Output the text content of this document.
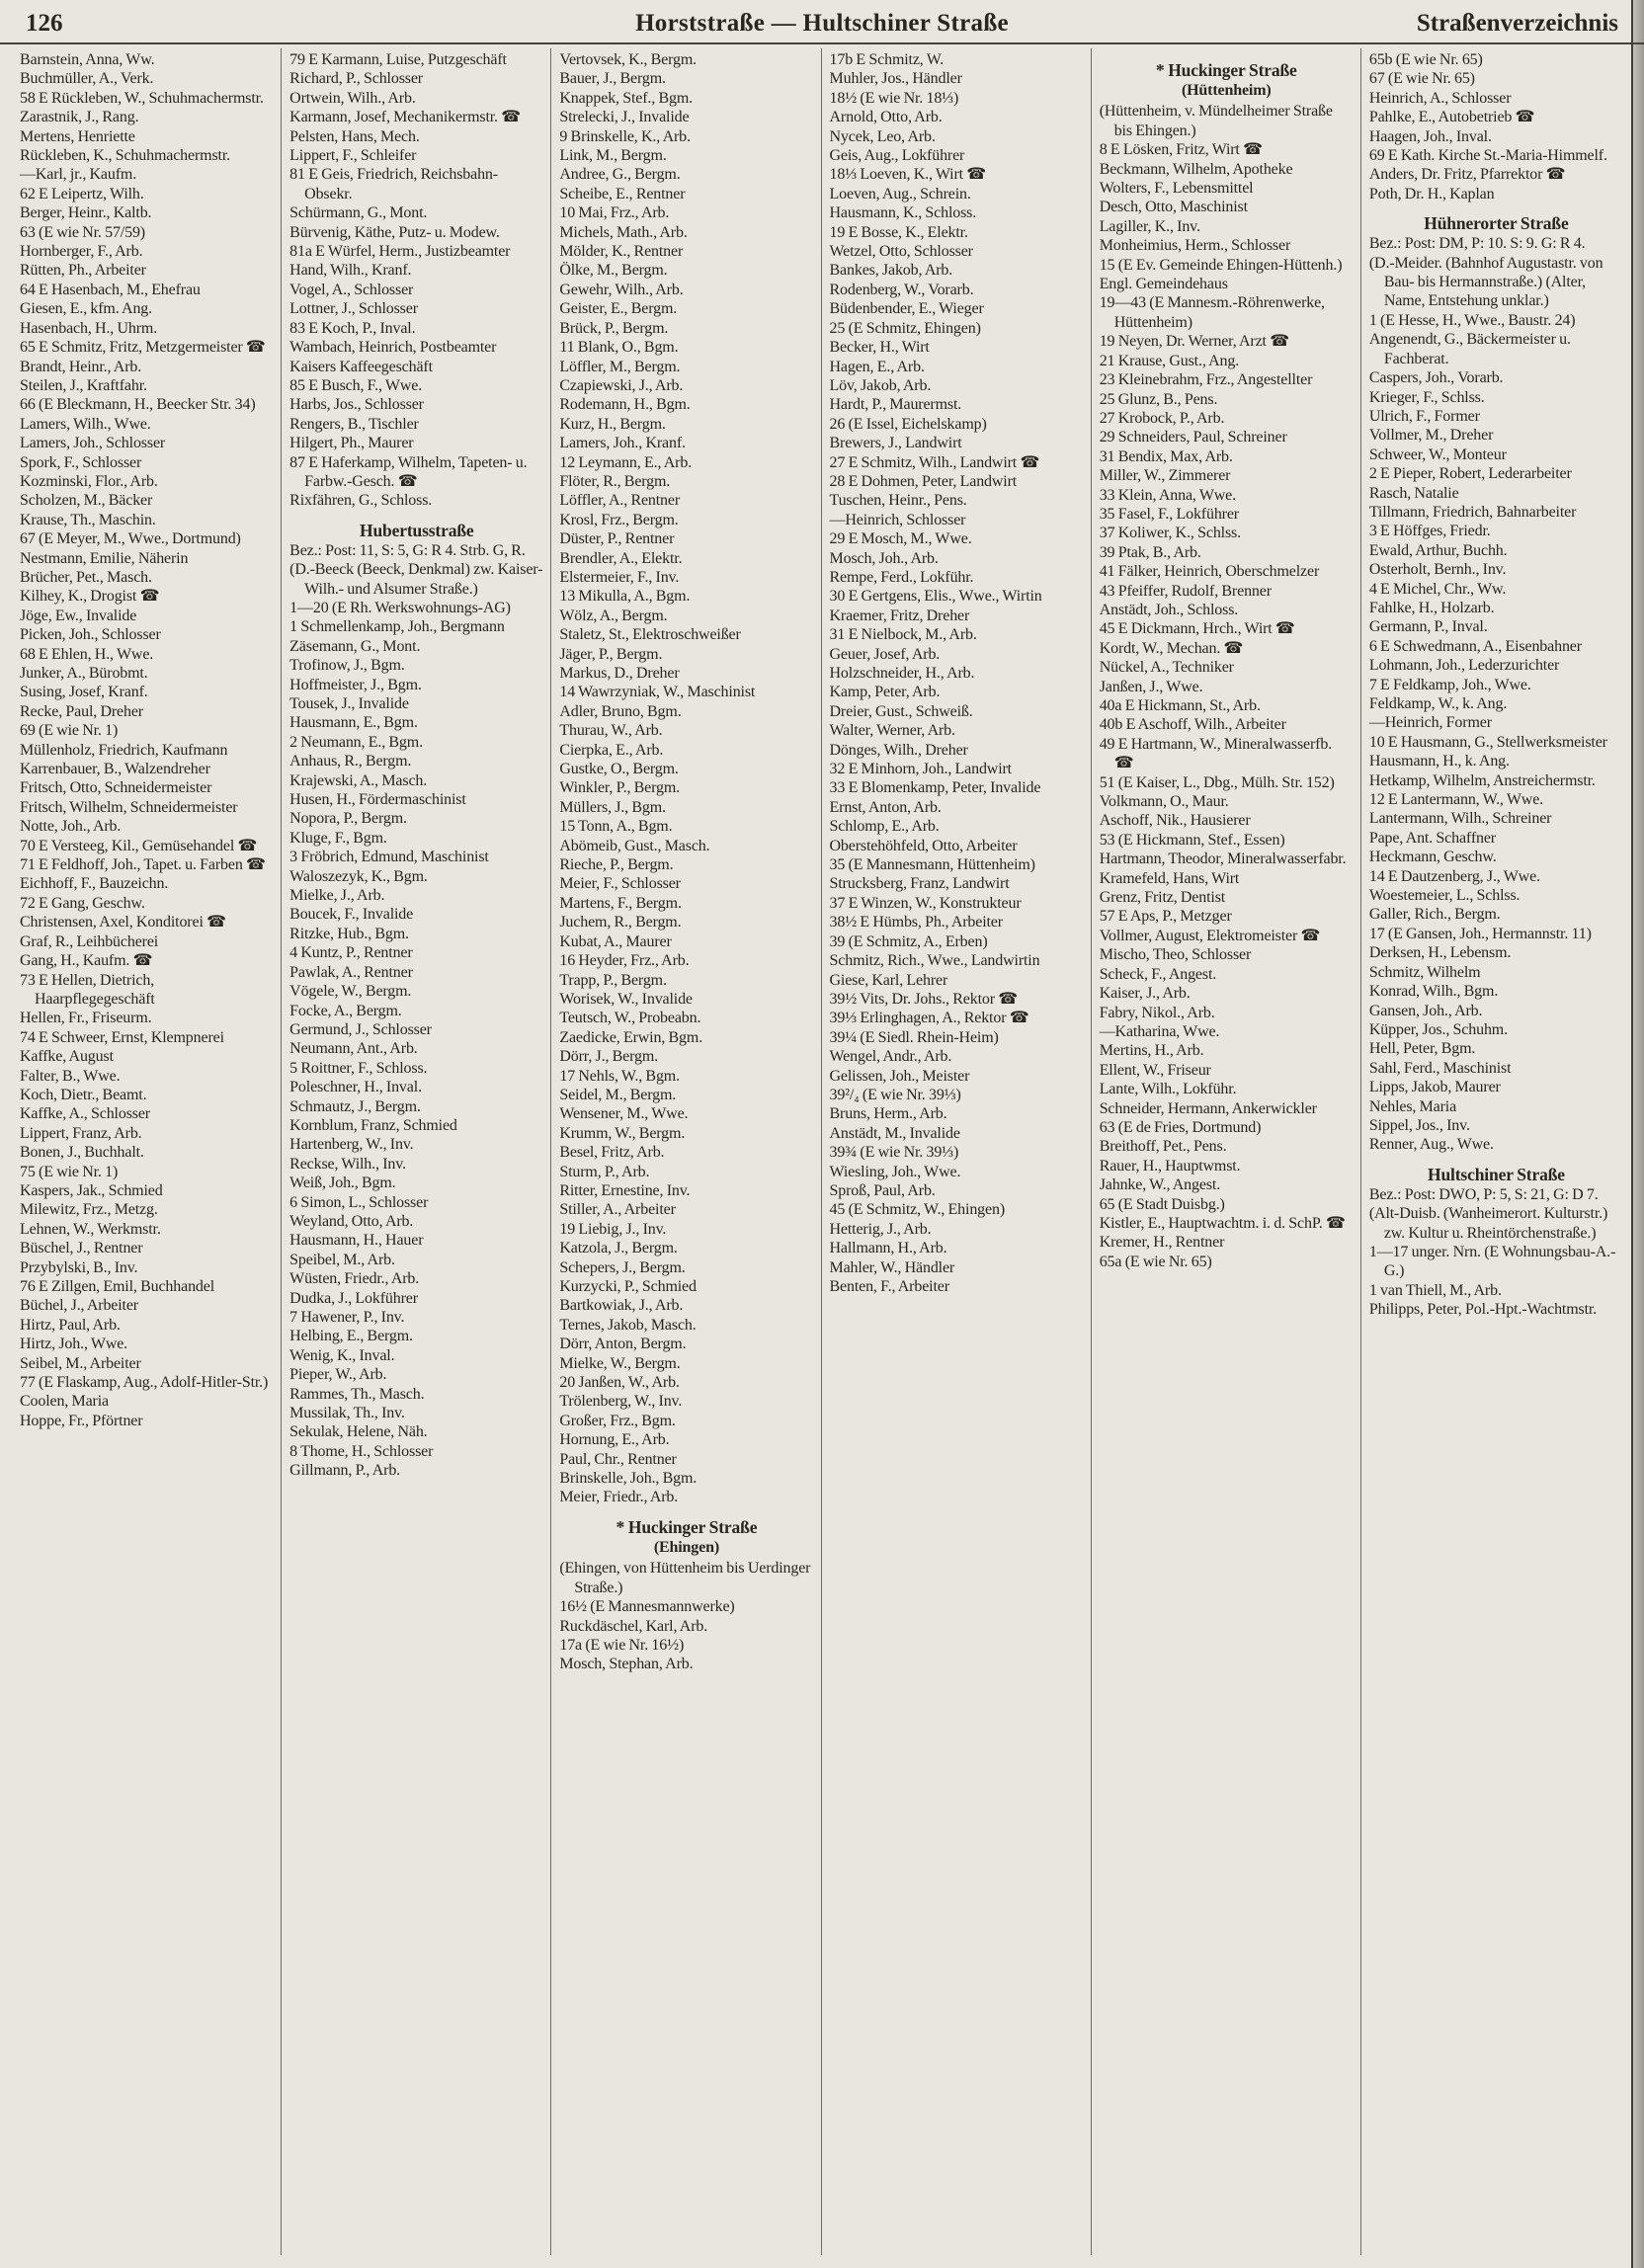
126	Horststraße — Hultschiner Straße	Straßenverzeichnis
Barnstein, Anna, Ww.
Buchmüller, A., Verk.
58 E Rückleben, W., Schuhmachermstr.
Zarastnik, J., Rang.
Mertens, Henriette
Rückleben, K., Schuhmachermstr.
—Karl, jr., Kaufm.
62 E Leipertz, Wilh.
Berger, Heinr., Kaltb.
63 (E wie Nr. 57/59)
Hornberger, F., Arb.
Rütten, Ph., Arbeiter
64 E Hasenbach, M., Ehefrau
Giesen, E., kfm. Ang.
Hasenbach, H., Uhrm.
65 E Schmitz, Fritz, Metzgermeister ☎
Brandt, Heinr., Arb.
Steilen, J., Kraftfahr.
66 (E Bleckmann, H., Beecker Str. 34)
Lamers, Wilh., Wwe.
Lamers, Joh., Schlosser
Spork, F., Schlosser
Kozminski, Flor., Arb.
Scholzen, M., Bäcker
Krause, Th., Maschin.
67 (E Meyer, M., Wwe., Dortmund)
Nestmann, Emilie, Näherin
Brücher, Pet., Masch.
Kilhey, K., Drogist ☎
Jöge, Ew., Invalide
Picken, Joh., Schlosser
68 E Ehlen, H., Wwe.
Junker, A., Bürobmt.
Susing, Josef, Kranf.
Recke, Paul, Dreher
69 (E wie Nr. 1)
Müllenholz, Friedrich, Kaufmann
Karrenbauer, B., Walzendreher
Fritsch, Otto, Schneidermeister
Fritsch, Wilhelm, Schneidermeister
Notte, Joh., Arb.
70 E Versteeg, Kil., Gemüsehandel ☎
71 E Feldhoff, Joh., Tapet. u. Farben ☎
Eichhoff, F., Bauzeichn.
72 E Gang, Geschw.
Christensen, Axel, Konditorei ☎
Graf, R., Leihbücherei
Gang, H., Kaufm. ☎
73 E Hellen, Dietrich, Haarpflegegeschäft
Hellen, Fr., Friseurm.
74 E Schweer, Ernst, Klempnerei
Kaffke, August
Falter, B., Wwe.
Koch, Dietr., Beamt.
Kaffke, A., Schlosser
Lippert, Franz, Arb.
Bonen, J., Buchhalt.
75 (E wie Nr. 1)
Kaspers, Jak., Schmied
Milewitz, Frz., Metzg.
Lehnen, W., Werkmstr.
Büschel, J., Rentner
Przybylski, B., Inv.
76 E Zillgen, Emil, Buchhandel
Büchel, J., Arbeiter
Hirtz, Paul, Arb.
Hirtz, Joh., Wwe.
Seibel, M., Arbeiter
77 (E Flaskamp, Aug., Adolf-Hitler-Str.)
Coolen, Maria
Hoppe, Fr., Pförtner
79 E Karmann, Luise, Putzgeschäft
Richard, P., Schlosser
Ortwein, Wilh., Arb.
Karmann, Josef, Mechanikermstr. ☎
Pelsten, Hans, Mech.
Lippert, F., Schleifer
81 E Geis, Friedrich, Reichsbahn-Obsekr.
Schürmann, G., Mont.
Bürvenig, Käthe, Putz- u. Modew.
81a E Würfel, Herm., Justizbeamter
Hand, Wilh., Kranf.
Vogel, A., Schlosser
Lottner, J., Schlosser
83 E Koch, P., Inval.
Wambach, Heinrich, Postbeamter
Kaisers Kaffeegeschäft
85 E Busch, F., Wwe.
Harbs, Jos., Schlosser
Rengers, B., Tischler
Hilgert, Ph., Maurer
87 E Haferkamp, Wilhelm, Tapeten- u. Farbw.-Gesch. ☎
Rixfähren, G., Schloss.
Hubertusstraße
Bez.: Post: 11, S: 5, G: R 4. Strb. G, R.
(D.-Beeck (Beeck, Denkmal) zw. Kaiser-Wilh.- und Alsumer Straße.)
1—20 (E Rh. Werkswohnungs-AG)
1 Schmellenkamp, Joh., Bergmann
Zäsemann, G., Mont.
Trofinow, J., Bgm.
Hoffmeister, J., Bgm.
Tousek, J., Invalide
Hausmann, E., Bgm.
2 Neumann, E., Bgm.
Anhaus, R., Bergm.
Krajewski, A., Masch.
Husen, H., Fördermaschinist
Nopora, P., Bergm.
Kluge, F., Bgm.
3 Fröbrich, Edmund, Maschinist
Waloszezyk, K., Bgm.
Mielke, J., Arb.
Boucek, F., Invalide
Ritzke, Hub., Bgm.
4 Kuntz, P., Rentner
Pawlak, A., Rentner
Vögele, W., Bergm.
Focke, A., Bergm.
Germund, J., Schlosser
Neumann, Ant., Arb.
5 Roittner, F., Schloss.
Poleschner, H., Inval.
Schmautz, J., Bergm.
Kornblum, Franz, Schmied
Hartenberg, W., Inv.
Reckse, Wilh., Inv.
Weiß, Joh., Bgm.
6 Simon, L., Schlosser
Weyland, Otto, Arb.
Hausmann, H., Hauer
Speibel, M., Arb.
Wüsten, Friedr., Arb.
Dudka, J., Lokführer
7 Hawener, P., Inv.
Helbing, E., Bergm.
Wenig, K., Inval.
Pieper, W., Arb.
Rammes, Th., Masch.
Mussilak, Th., Inv.
Sekulak, Helene, Näh.
8 Thome, H., Schlosser
Gillmann, P., Arb.
Vertovsek, K., Bergm.
Bauer, J., Bergm.
Knappek, Stef., Bgm.
Strelecki, J., Invalide
9 Brinskelle, K., Arb.
Link, M., Bergm.
Andree, G., Bergm.
Scheibe, E., Rentner
10 Mai, Frz., Arb.
Michels, Math., Arb.
Mölder, K., Rentner
Ölke, M., Bergm.
Gewehr, Wilh., Arb.
Geister, E., Bergm.
Brück, P., Bergm.
11 Blank, O., Bgm.
Löffler, M., Bergm.
Czapiewski, J., Arb.
Rodemann, H., Bgm.
Kurz, H., Bergm.
Lamers, Joh., Kranf.
12 Leymann, E., Arb.
Flöter, R., Bergm.
Löffler, A., Rentner
Krosl, Frz., Bergm.
Düster, P., Rentner
Brendler, A., Elektr.
Elstermeier, F., Inv.
13 Mikulla, A., Bgm.
Wölz, A., Bergm.
Staletz, St., Elektroschweißer
Jäger, P., Bergm.
Markus, D., Dreher
14 Wawrzyniak, W., Maschinist
Adler, Bruno, Bgm.
Thurau, W., Arb.
Cierpka, E., Arb.
Gustke, O., Bergm.
Winkler, P., Bergm.
Müllers, J., Bgm.
15 Tonn, A., Bgm.
Abömeib, Gust., Masch.
Rieche, P., Bergm.
Meier, F., Schlosser
Martens, F., Bergm.
Juchem, R., Bergm.
Kubat, A., Maurer
16 Heyder, Frz., Arb.
Trapp, P., Bergm.
Worisek, W., Invalide
Teutsch, W., Probeabn.
Zaedicke, Erwin, Bgm.
Dörr, J., Bergm.
17 Nehls, W., Bgm.
Seidel, M., Bergm.
Wensener, M., Wwe.
Krumm, W., Bergm.
Besel, Fritz, Arb.
Sturm, P., Arb.
Ritter, Ernestine, Inv.
Stiller, A., Arbeiter
19 Liebig, J., Inv.
Katzola, J., Bergm.
Schepers, J., Bergm.
Kurzycki, P., Schmied
Bartkowiak, J., Arb.
Ternes, Jakob, Masch.
Dörr, Anton, Bergm.
Mielke, W., Bergm.
20 Janßen, W., Arb.
Trölenberg, W., Inv.
Großer, Frz., Bgm.
Hornung, E., Arb.
Paul, Chr., Rentner
Brinskelle, Joh., Bgm.
Meier, Friedr., Arb.
* Huckinger Straße
(Ehingen)
(Ehingen, von Hüttenheim bis Uerdinger Straße.)
16½ (E Mannesmannwerke)
Ruckdäschel, Karl, Arb.
17a (E wie Nr. 16½)
Mosch, Stephan, Arb.
17b E Schmitz, W.
Muhler, Jos., Händler
18½ (E wie Nr. 18⅓)
Arnold, Otto, Arb.
Nycek, Leo, Arb.
Geis, Aug., Lokführer
18⅓ Loeven, K., Wirt ☎
Loeven, Aug., Schrein.
Hausmann, K., Schloss.
19 E Bosse, K., Elektr.
Wetzel, Otto, Schlosser
Bankes, Jakob, Arb.
Rodenberg, W., Vorarb.
Büdenbender, E., Wieger
25 (E Schmitz, Ehingen)
Becker, H., Wirt
Hagen, E., Arb.
Löv, Jakob, Arb.
Hardt, P., Maurermst.
26 (E Issel, Eichelskamp)
Brewers, J., Landwirt
27 E Schmitz, Wilh., Landwirt ☎
28 E Dohmen, Peter, Landwirt
Tuschen, Heinr., Pens.
—Heinrich, Schlosser
29 E Mosch, M., Wwe.
Mosch, Joh., Arb.
Rempe, Ferd., Lokführ.
30 E Gertgens, Elis., Wwe., Wirtin
Kraemer, Fritz, Dreher
31 E Nielbock, M., Arb.
Geuer, Josef, Arb.
Holzschneider, H., Arb.
Kamp, Peter, Arb.
Dreier, Gust., Schweiß.
Walter, Werner, Arb.
Dönges, Wilh., Dreher
32 E Minhorn, Joh., Landwirt
33 E Blomenkamp, Peter, Invalide
Ernst, Anton, Arb.
Schlomp, E., Arb.
Oberstehöhfeld, Otto, Arbeiter
35 (E Mannesmann, Hüttenheim)
Strucksberg, Franz, Landwirt
37 E Winzen, W., Konstrukteur
38½ E Hümbs, Ph., Arbeiter
39 (E Schmitz, A., Erben)
Schmitz, Rich., Wwe., Landwirtin
Giese, Karl, Lehrer
39½ Vits, Dr. Johs., Rektor ☎
39⅓ Erlinghagen, A., Rektor ☎
39¼ (E Siedl. Rhein-Heim)
Wengel, Andr., Arb.
Gelissen, Joh., Meister
39²/₄ (E wie Nr. 39⅓)
Bruns, Herm., Arb.
Anstädt, M., Invalide
39¾ (E wie Nr. 39⅓)
Wiesling, Joh., Wwe.
Sproß, Paul, Arb.
45 (E Schmitz, W., Ehingen)
Hetterig, J., Arb.
Hallmann, H., Arb.
Mahler, W., Händler
Benten, F., Arbeiter
* Huckinger Straße
(Hüttenheim)
(Hüttenheim, v. Mündelheimer Straße bis Ehingen.)
8 E Lösken, Fritz, Wirt ☎
Beckmann, Wilhelm, Apotheke
Wolters, F., Lebensmittel
Desch, Otto, Maschinist
Lagiller, K., Inv.
Monheimius, Herm., Schlosser
15 (E Ev. Gemeinde Ehingen-Hüttenh.)
Engl. Gemeindehaus
19—43 (E Mannesm.-Röhrenwerke, Hüttenheim)
19 Neyen, Dr. Werner, Arzt ☎
21 Krause, Gust., Ang.
23 Kleinebrahm, Frz., Angestellter
25 Glunz, B., Pens.
27 Krobock, P., Arb.
29 Schneiders, Paul, Schreiner
31 Bendix, Max, Arb.
Miller, W., Zimmerer
33 Klein, Anna, Wwe.
35 Fasel, F., Lokführer
37 Koliwer, K., Schlss.
39 Ptak, B., Arb.
41 Fälker, Heinrich, Oberschmelzer
43 Pfeiffer, Rudolf, Brenner
Anstädt, Joh., Schloss.
45 E Dickmann, Hrch., Wirt ☎
Kordt, W., Mechan. ☎
Nückel, A., Techniker
Janßen, J., Wwe.
40a E Hickmann, St., Arb.
40b E Aschoff, Wilh., Arbeiter
49 E Hartmann, W., Mineralwasserfb. ☎
51 (E Kaiser, L., Dbg., Mülh. Str. 152)
Volkmann, O., Maur.
Aschoff, Nik., Hausierer
53 (E Hickmann, Stef., Essen)
Hartmann, Theodor, Mineralwasserfabr.
Kramefeld, Hans, Wirt
Grenz, Fritz, Dentist
57 E Aps, P., Metzger
Vollmer, August, Elektromeister ☎
Mischo, Theo, Schlosser
Scheck, F., Angest.
Kaiser, J., Arb.
Fabry, Nikol., Arb.
—Katharina, Wwe.
Mertins, H., Arb.
Ellent, W., Friseur
Lante, Wilh., Lokführ.
Schneider, Hermann, Ankerwickler
63 (E de Fries, Dortmund)
Breithoff, Pet., Pens.
Rauer, H., Hauptwmst.
Jahnke, W., Angest.
65 (E Stadt Duisbg.)
Kistler, E., Hauptwachtm. i. d. SchP. ☎
Kremer, H., Rentner
65a (E wie Nr. 65)
65b (E wie Nr. 65)
67 (E wie Nr. 65)
Heinrich, A., Schlosser
Pahlke, E., Autobetrieb ☎
Haagen, Joh., Inval.
69 E Kath. Kirche St.-Maria-Himmelf.
Anders, Dr. Fritz, Pfarrektor ☎
Poth, Dr. H., Kaplan
Hühnerorter Straße
Bez.: Post: DM, P: 10. S: 9. G: R 4.
(D.-Meider. (Bahnhof Augustastr. von Bau- bis Hermannstraße.) (Alter, Name, Entstehung unklar.)
1 (E Hesse, H., Wwe., Baustr. 24)
Angenendt, G., Bäckermeister u. Fachberat.
Caspers, Joh., Vorarb.
Krieger, F., Schlss.
Ulrich, F., Former
Vollmer, M., Dreher
Schweer, W., Monteur
2 E Pieper, Robert, Lederarbeiter
Rasch, Natalie
Tillmann, Friedrich, Bahnarbeiter
3 E Höffges, Friedr.
Ewald, Arthur, Buchh.
Osterholt, Bernh., Inv.
4 E Michel, Chr., Ww.
Fahlke, H., Holzarb.
Germann, P., Inval.
6 E Schwedmann, A., Eisenbahner
Lohmann, Joh., Lederzurichter
7 E Feldkamp, Joh., Wwe.
Feldkamp, W., k. Ang.
—Heinrich, Former
10 E Hausmann, G., Stellwerksmeister
Hausmann, H., k. Ang.
Hetkamp, Wilhelm, Anstreichermstr.
12 E Lantermann, W., Wwe.
Lantermann, Wilh., Schreiner
Pape, Ant. Schaffner
Heckmann, Geschw.
14 E Dautzenberg, J., Wwe.
Woestemeier, L., Schlss.
Galler, Rich., Bergm.
17 (E Gansen, Joh., Hermannstr. 11)
Derksen, H., Lebensm.
Schmitz, Wilhelm
Konrad, Wilh., Bgm.
Gansen, Joh., Arb.
Küpper, Jos., Schuhm.
Hell, Peter, Bgm.
Sahl, Ferd., Maschinist
Lipps, Jakob, Maurer
Nehles, Maria
Sippel, Jos., Inv.
Renner, Aug., Wwe.
Hultschiner Straße
Bez.: Post: DWO, P: 5, S: 21, G: D 7.
(Alt-Duisb. (Wanheimerort. Kulturstr.) zw. Kultur u. Rheintörchenstraße.)
1—17 unger. Nrn. (E Wohnungsbau-A.-G.)
1 van Thiell, M., Arb.
Philipps, Peter, Pol.-Hpt.-Wachtmstr.
